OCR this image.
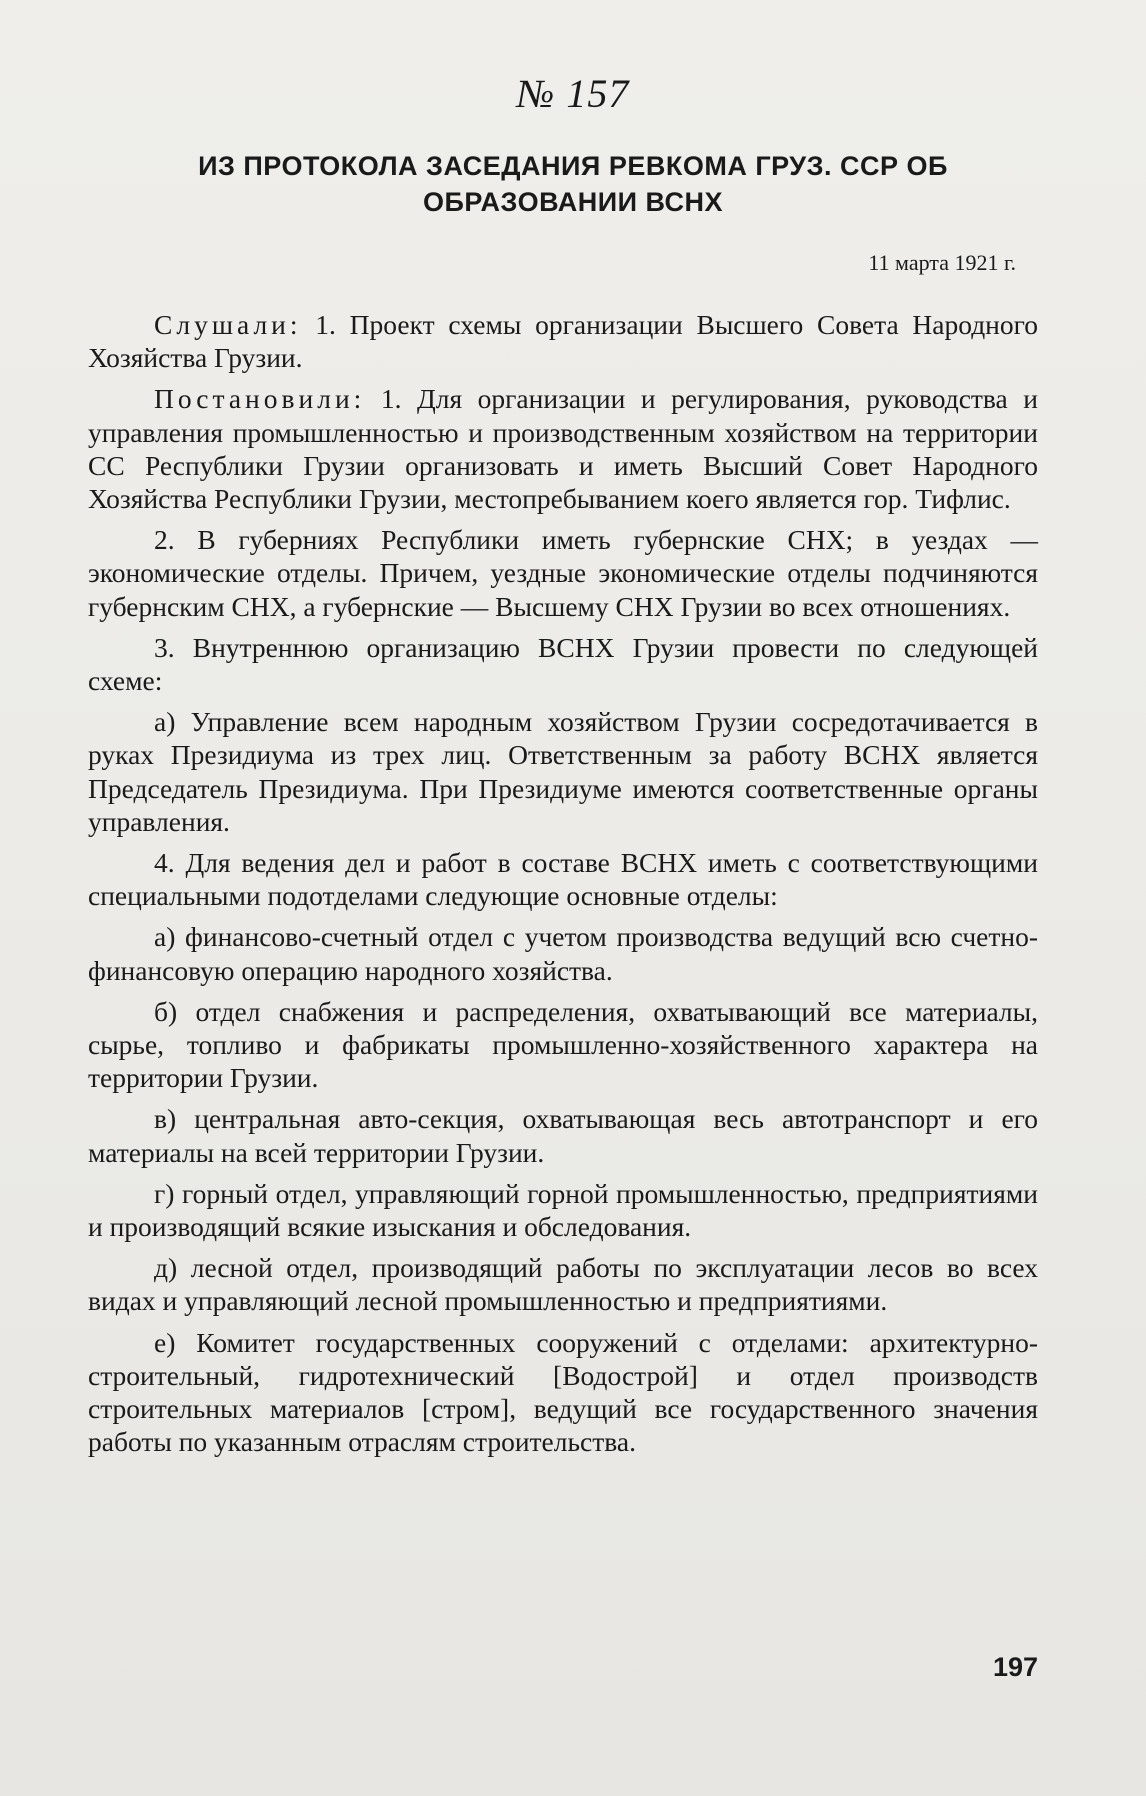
№ 157
ИЗ ПРОТОКОЛА ЗАСЕДАНИЯ РЕВКОМА ГРУЗ. ССР ОБ
ОБРАЗОВАНИИ ВСНХ
11 марта 1921 г.

Слушали: 1. Проект схемы организации Высшего Совета Народного Хозяйства Грузии.

Постановили: 1. Для организации и регулирования, руководства и управления промышленностью и производственным хозяйством на территории СС Республики Грузии организовать и иметь Высший Совет Народного Хозяйства Республики Грузии, местопребыванием коего является гор. Тифлис.

2. В губерниях Республики иметь губернские СНХ; в уездах — экономические отделы. Причем, уездные экономические отделы подчиняются губернским СНХ, а губернские — Высшему СНХ Грузии во всех отношениях.

3. Внутреннюю организацию ВСНХ Грузии провести по следующей схеме:

а) Управление всем народным хозяйством Грузии сосредотачивается в руках Президиума из трех лиц. Ответственным за работу ВСНХ является Председатель Президиума. При Президиуме имеются соответственные органы управления.

4. Для ведения дел и работ в составе ВСНХ иметь с соответствующими специальными подотделами следующие основные отделы:

а) финансово-счетный отдел с учетом производства ведущий всю счетно-финансовую операцию народного хозяйства.

б) отдел снабжения и распределения, охватывающий все материалы, сырье, топливо и фабрикаты промышленно-хозяйственного характера на территории Грузии.

в) центральная авто-секция, охватывающая весь автотранспорт и его материалы на всей территории Грузии.

г) горный отдел, управляющий горной промышленностью, предприятиями и производящий всякие изыскания и обследования.

д) лесной отдел, производящий работы по эксплуатации лесов во всех видах и управляющий лесной промышленностью и предприятиями.

е) Комитет государственных сооружений с отделами: архитектурно-строительный, гидротехнический [Водострой] и отдел производств строительных материалов [стром], ведущий все государственного значения работы по указанным отраслям строительства.

197
